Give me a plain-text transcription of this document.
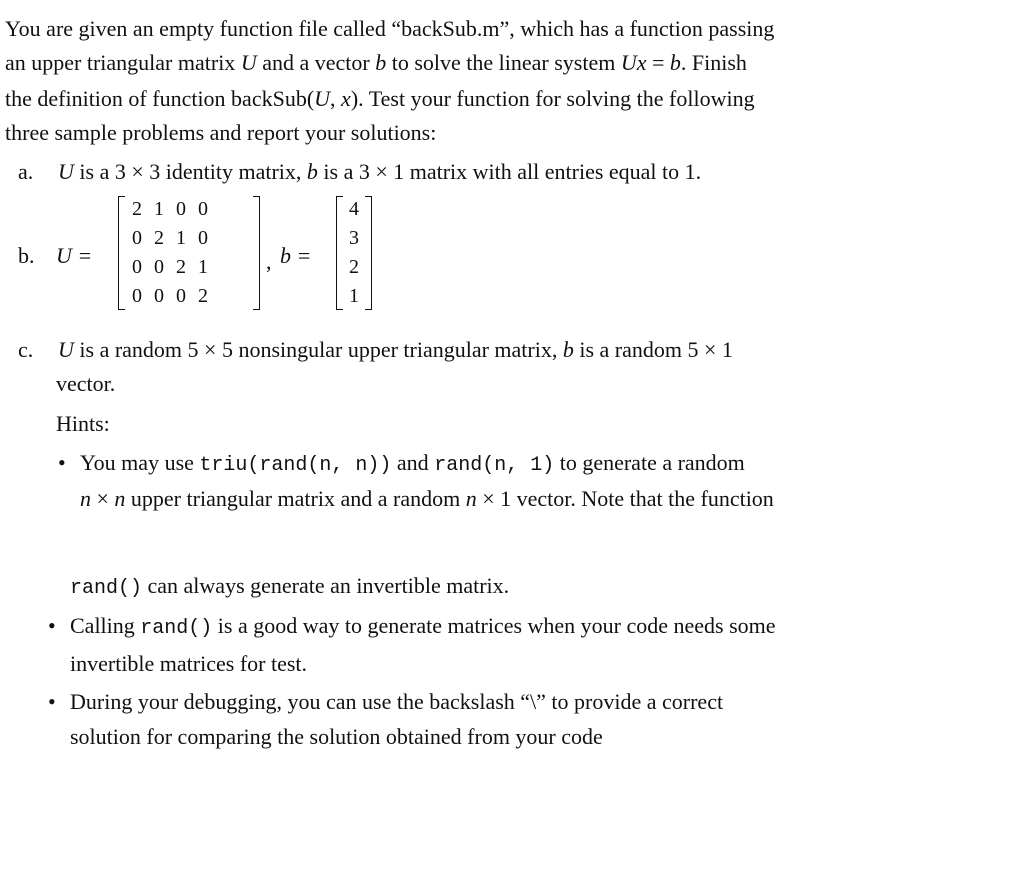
You are given an empty function file called “backSub.m”, which has a function passing
an upper triangular matrix U and a vector b to solve the linear system Ux = b. Finish
the definition of function backSub(U, x). Test your function for solving the following
three sample problems and report your solutions:
a. U is a 3 × 3 identity matrix, b is a 3 × 1 matrix with all entries equal to 1.
b. U =
2 1 0 0
0 2 1 0
0 0 2 1
0 0 0 2
, b =
4
3
2
1
c. U is a random 5 × 5 nonsingular upper triangular matrix, b is a random 5 × 1
vector.
Hints:
• You may use triu(rand(n, n)) and rand(n, 1) to generate a random
n × n upper triangular matrix and a random n × 1 vector. Note that the function
rand() can always generate an invertible matrix.
• Calling rand() is a good way to generate matrices when your code needs some
invertible matrices for test.
• During your debugging, you can use the backslash “\” to provide a correct
solution for comparing the solution obtained from your code
